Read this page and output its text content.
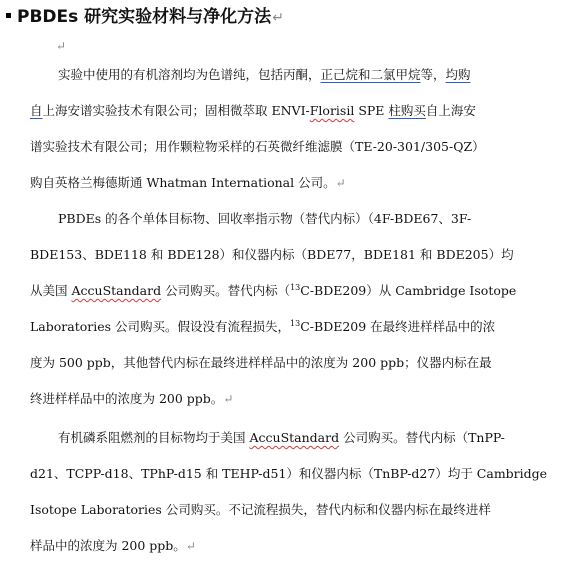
PBDEs 研究实验材料与净化方法↵
↵
实验中使用的有机溶剂均为色谱纯，包括丙酮，正己烷和二氯甲烷等，均购
自上海安谱实验技术有限公司；固相微萃取 ENVI-Florisil SPE 柱购买自上海安
谱实验技术有限公司；用作颗粒物采样的石英微纤维滤膜（TE-20-301/305-QZ）
购自英格兰梅德斯通 Whatman International 公司。↵
PBDEs 的各个单体目标物、回收率指示物（替代内标）（4F-BDE67、3F-
BDE153、BDE118 和 BDE128）和仪器内标（BDE77，BDE181 和 BDE205）均
从美国 AccuStandard 公司购买。替代内标（$^{13}$C-BDE209）从 Cambridge Isotope
Laboratories 公司购买。假设没有流程损失，$^{13}$C-BDE209 在最终进样样品中的浓
度为 500 ppb，其他替代内标在最终进样样品中的浓度为 200 ppb；仪器内标在最
终进样样品中的浓度为 200 ppb。↵
有机磷系阻燃剂的目标物均于美国 AccuStandard 公司购买。替代内标（TnPP-
d21、TCPP-d18、TPhP-d15 和 TEHP-d51）和仪器内标（TnBP-d27）均于 Cambridge
Isotope Laboratories 公司购买。不记流程损失，替代内标和仪器内标在最终进样
样品中的浓度为 200 ppb。↵
